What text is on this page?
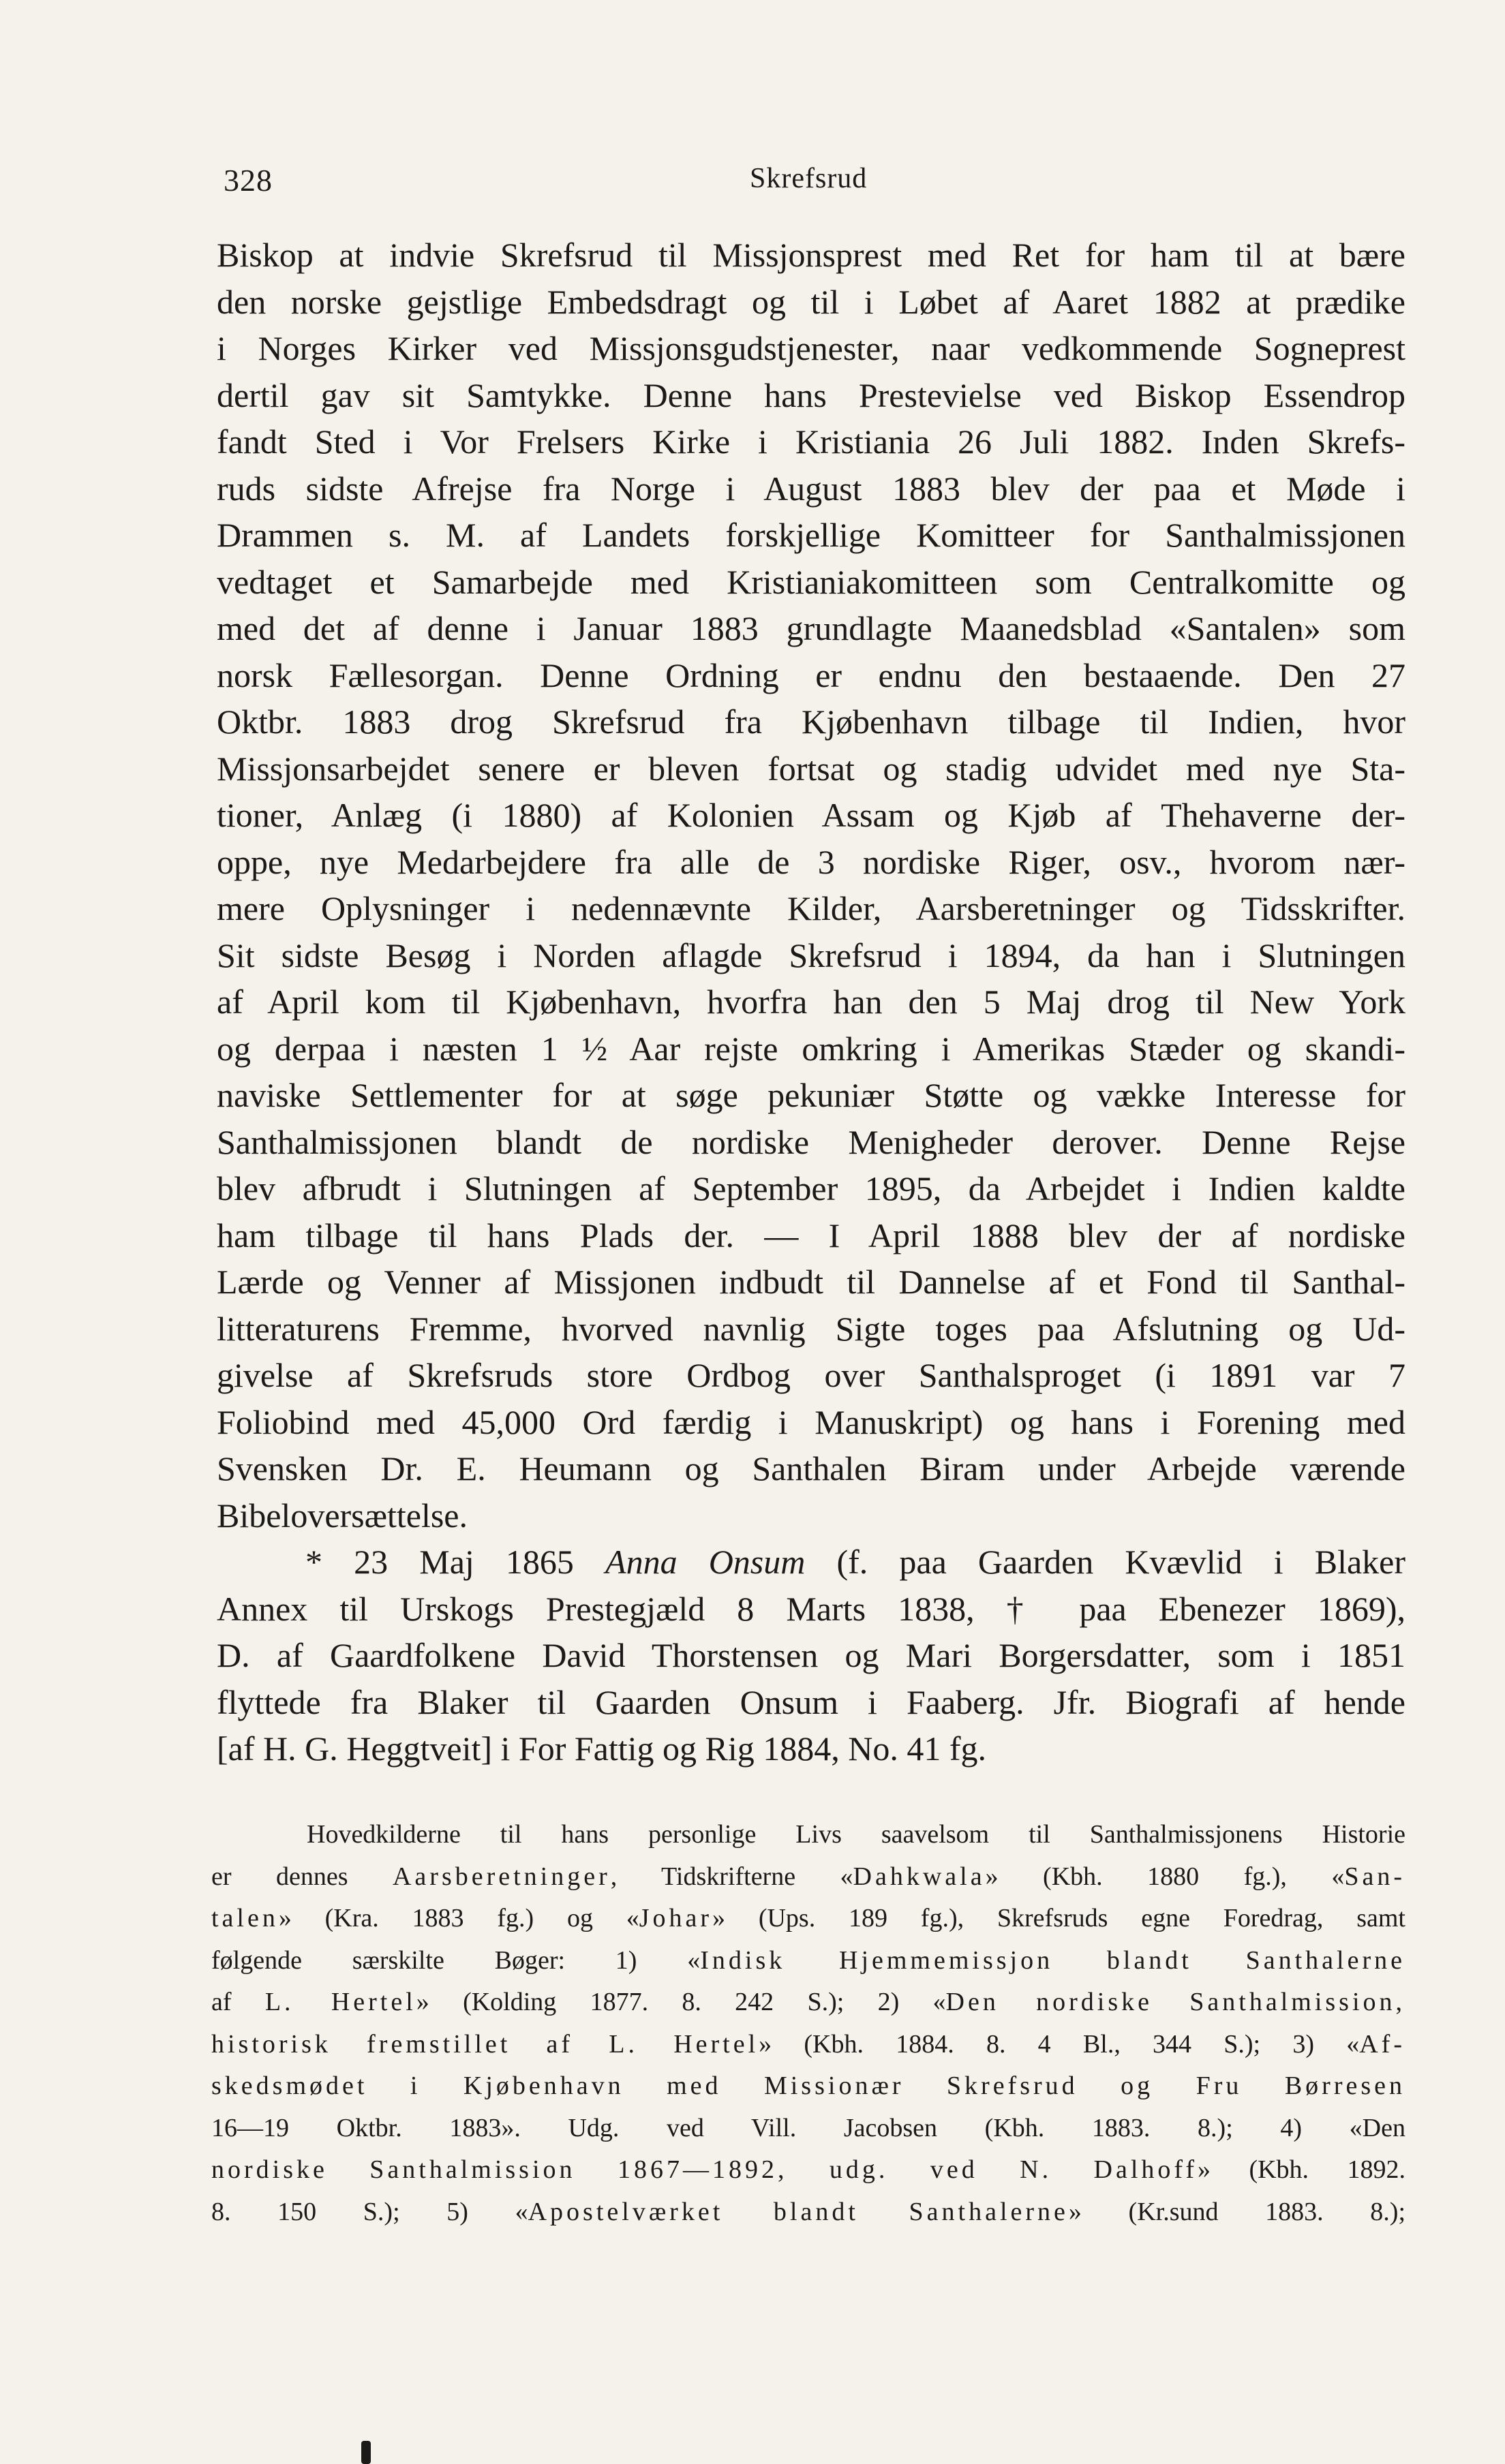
328	Skrefsrud
Biskop at indvie Skrefsrud til Missjonsprest med Ret for ham til at bære
den norske gejstlige Embedsdragt og til i Løbet af Aaret 1882 at prædike
i Norges Kirker ved Missjonsgudstjenester, naar vedkommende Sogneprest
dertil gav sit Samtykke. Denne hans Prestevielse ved Biskop Essendrop
fandt Sted i Vor Frelsers Kirke i Kristiania 26 Juli 1882. Inden Skrefs-
ruds sidste Afrejse fra Norge i August 1883 blev der paa et Møde i
Drammen s. M. af Landets forskjellige Komitteer for Santhalmissjonen
vedtaget et Samarbejde med Kristianiakomitteen som Centralkomitte og
med det af denne i Januar 1883 grundlagte Maanedsblad «Santalen» som
norsk Fællesorgan. Denne Ordning er endnu den bestaaende. Den 27
Oktbr. 1883 drog Skrefsrud fra Kjøbenhavn tilbage til Indien, hvor
Missjonsarbejdet senere er bleven fortsat og stadig udvidet med nye Sta-
tioner, Anlæg (i 1880) af Kolonien Assam og Kjøb af Thehaverne der-
oppe, nye Medarbejdere fra alle de 3 nordiske Riger, osv., hvorom nær-
mere Oplysninger i nedennævnte Kilder, Aarsberetninger og Tidsskrifter.
Sit sidste Besøg i Norden aflagde Skrefsrud i 1894, da han i Slutningen
af April kom til Kjøbenhavn, hvorfra han den 5 Maj drog til New York
og derpaa i næsten 1 ½ Aar rejste omkring i Amerikas Stæder og skandi-
naviske Settlementer for at søge pekuniær Støtte og vække Interesse for
Santhalmissjonen blandt de nordiske Menigheder derover. Denne Rejse
blev afbrudt i Slutningen af September 1895, da Arbejdet i Indien kaldte
ham tilbage til hans Plads der. — I April 1888 blev der af nordiske
Lærde og Venner af Missjonen indbudt til Dannelse af et Fond til Santhal-
litteraturens Fremme, hvorved navnlig Sigte toges paa Afslutning og Ud-
givelse af Skrefsruds store Ordbog over Santhalsproget (i 1891 var 7
Foliobind med 45,000 Ord færdig i Manuskript) og hans i Forening med
Svensken Dr. E. Heumann og Santhalen Biram under Arbejde værende
Bibeloversættelse.
* 23 Maj 1865 Anna Onsum (f. paa Gaarden Kvævlid i Blaker
Annex til Urskogs Prestegjæld 8 Marts 1838, † paa Ebenezer 1869),
D. af Gaardfolkene David Thorstensen og Mari Borgersdatter, som i 1851
flyttede fra Blaker til Gaarden Onsum i Faaberg. Jfr. Biografi af hende
[af H. G. Heggtveit] i For Fattig og Rig 1884, No. 41 fg.
Hovedkilderne til hans personlige Livs saavelsom til Santhalmissjonens Historie
er dennes Aarsberetninger, Tidskrifterne «Dahkwala» (Kbh. 1880 fg.), «San-
talen» (Kra. 1883 fg.) og «Johar» (Ups. 189 fg.), Skrefsruds egne Foredrag, samt
følgende særskilte Bøger: 1) «Indisk Hjemmemissjon blandt Santhalerne
af L. Hertel» (Kolding 1877. 8. 242 S.); 2) «Den nordiske Santhalmission,
historisk fremstillet af L. Hertel» (Kbh. 1884. 8. 4 Bl., 344 S.); 3) «Af-
skedsmødet i Kjøbenhavn med Missionær Skrefsrud og Fru Børresen
16—19 Oktbr. 1883». Udg. ved Vill. Jacobsen (Kbh. 1883. 8.); 4) «Den
nordiske Santhalmission 1867—1892, udg. ved N. Dalhoff» (Kbh. 1892.
8. 150 S.); 5) «Apostelværket blandt Santhalerne» (Kr.sund 1883. 8.);
